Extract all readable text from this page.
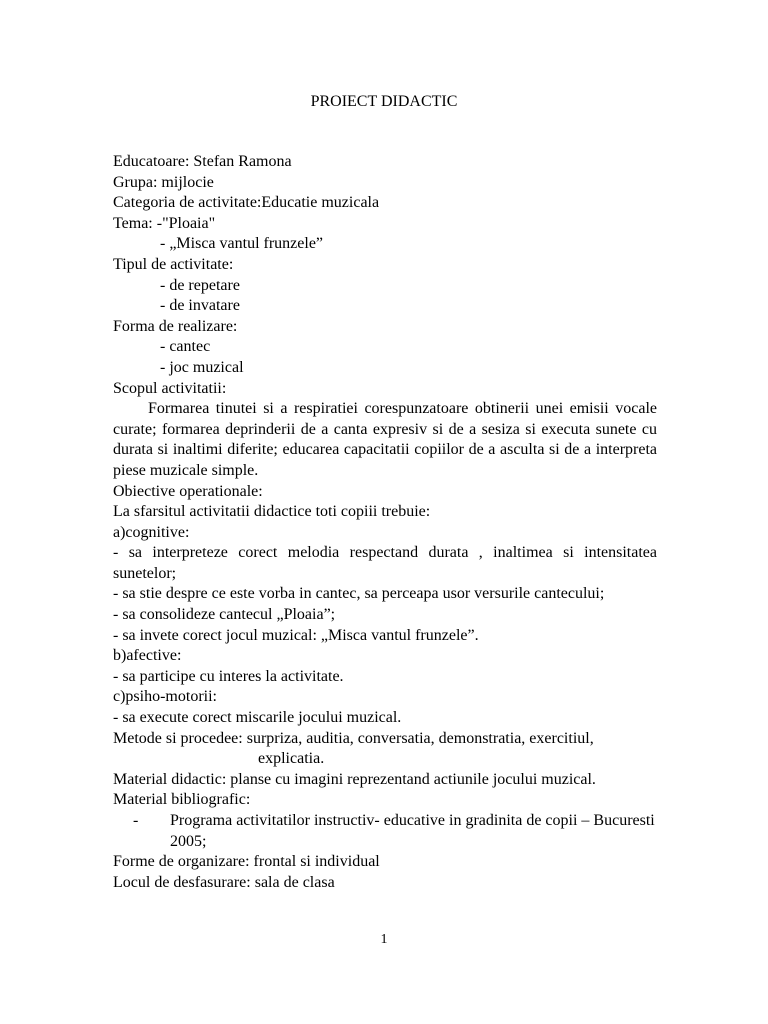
PROIECT DIDACTIC
Educatoare: Stefan Ramona
Grupa: mijlocie
Categoria de activitate:Educatie muzicala
Tema: -"Ploaia"
- „Misca vantul frunzele”
Tipul de activitate:
- de repetare
- de invatare
Forma de realizare:
- cantec
- joc muzical
Scopul activitatii:
Formarea tinutei si a respiratiei corespunzatoare obtinerii unei emisii vocale curate; formarea deprinderii de a canta expresiv si de a sesiza si executa sunete cu durata si inaltimi diferite; educarea capacitatii copiilor de a asculta si de a interpreta piese muzicale simple.
Obiective operationale:
La sfarsitul activitatii didactice toti copiii trebuie:
a)cognitive:
- sa interpreteze corect melodia respectand durata , inaltimea si intensitatea sunetelor;
- sa stie despre ce este vorba in cantec, sa perceapa usor versurile cantecului;
- sa consolideze cantecul „Ploaia”;
- sa invete corect jocul muzical: „Misca vantul frunzele”.
b)afective:
- sa participe cu interes la activitate.
c)psiho-motorii:
- sa execute corect miscarile jocului muzical.
Metode si procedee: surpriza, auditia, conversatia, demonstratia, exercitiul,
explicatia.
Material didactic: planse cu imagini reprezentand actiunile jocului muzical.
Material bibliografic:
- Programa activitatilor instructiv- educative in gradinita de copii – Bucuresti 2005;
Forme de organizare: frontal si individual
Locul de desfasurare: sala de clasa
1
